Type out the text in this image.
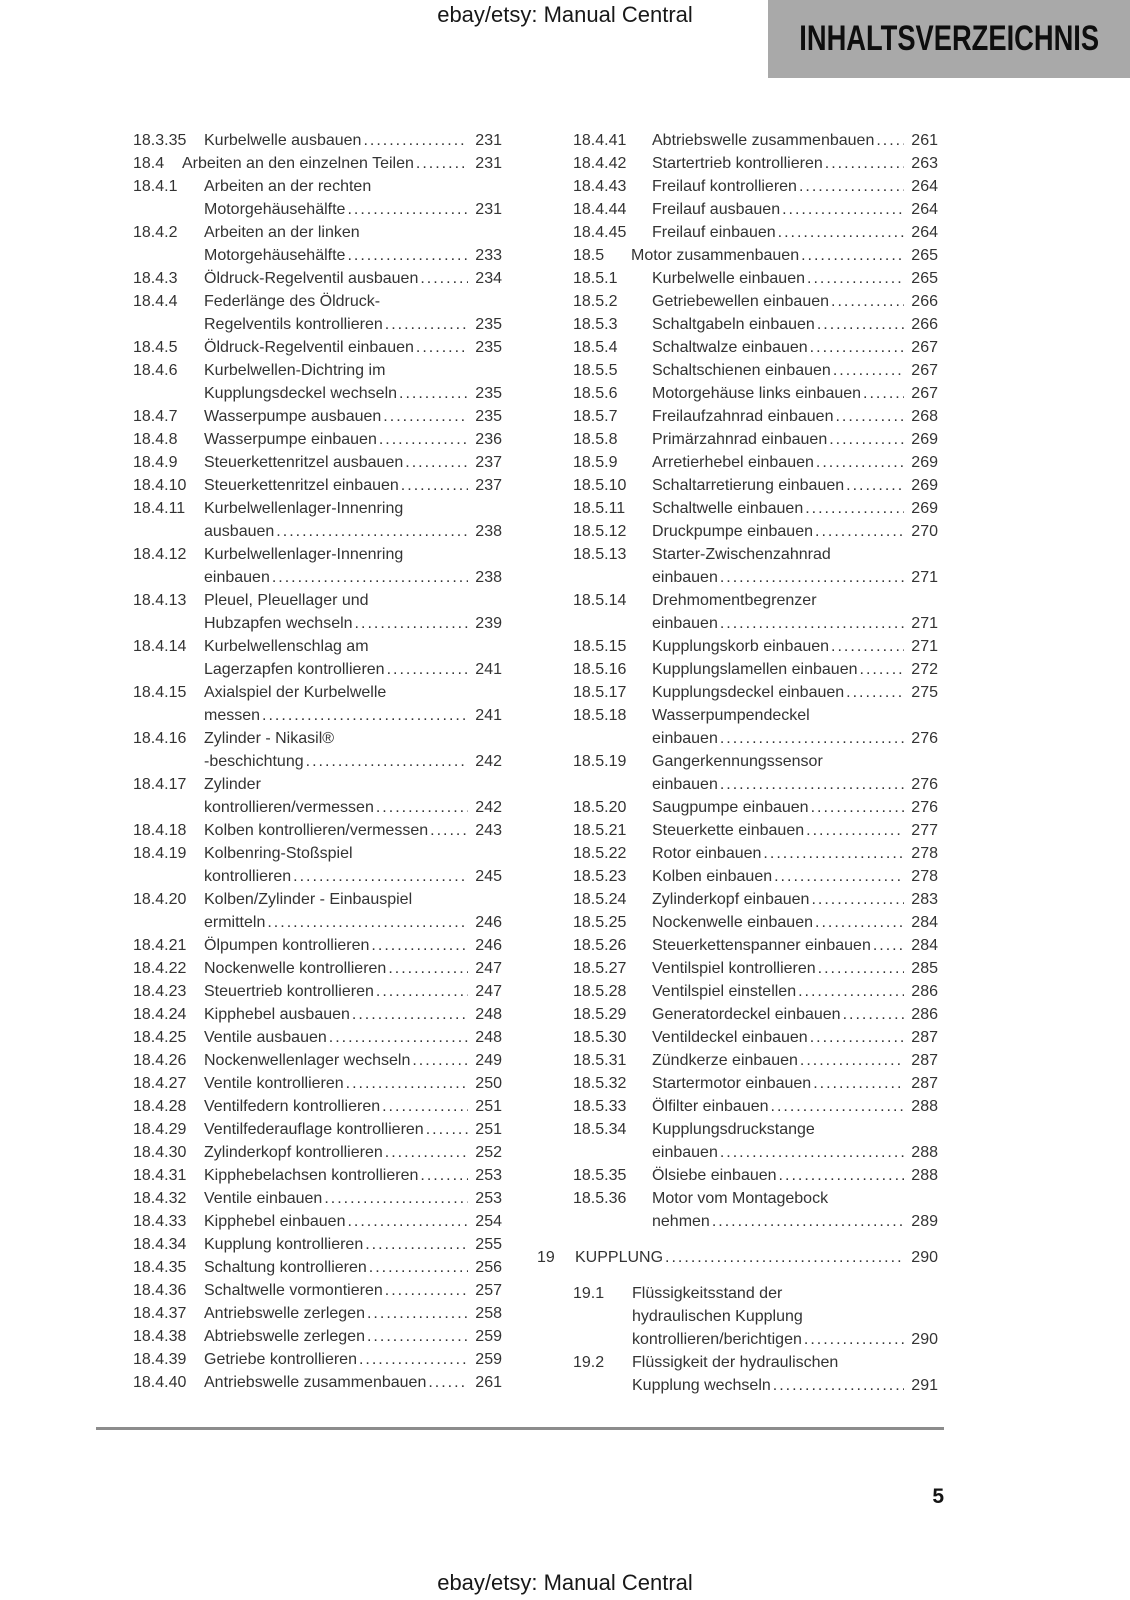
ebay/etsy: Manual Central
INHALTSVERZEICHNIS
18.3.35	Kurbelwelle ausbauen .....	231
18.4	Arbeiten an den einzelnen Teilen .....	231
18.4.1	Arbeiten an der rechten
Motorgehäusehälfte .....	231
18.4.2	Arbeiten an der linken
Motorgehäusehälfte .....	233
18.4.3	Öldruck-Regelventil ausbauen .....	234
18.4.4	Federlänge des Öldruck-
Regelventils kontrollieren .....	235
18.4.5	Öldruck-Regelventil einbauen .....	235
18.4.6	Kurbelwellen-Dichtring im
Kupplungsdeckel wechseln .....	235
18.4.7	Wasserpumpe ausbauen .....	235
18.4.8	Wasserpumpe einbauen .....	236
18.4.9	Steuerkettenritzel ausbauen .....	237
18.4.10	Steuerkettenritzel einbauen .....	237
18.4.11	Kurbelwellenlager-Innenring
ausbauen .....	238
18.4.12	Kurbelwellenlager-Innenring
einbauen .....	238
18.4.13	Pleuel, Pleuellager und
Hubzapfen wechseln .....	239
18.4.14	Kurbelwellenschlag am
Lagerzapfen kontrollieren .....	241
18.4.15	Axialspiel der Kurbelwelle
messen .....	241
18.4.16	Zylinder - Nikasil®
-beschichtung .....	242
18.4.17	Zylinder
kontrollieren/vermessen .....	242
18.4.18	Kolben kontrollieren/vermessen .....	243
18.4.19	Kolbenring-Stoßspiel
kontrollieren .....	245
18.4.20	Kolben/Zylinder - Einbauspiel
ermitteln .....	246
18.4.21	Ölpumpen kontrollieren .....	246
18.4.22	Nockenwelle kontrollieren .....	247
18.4.23	Steuertrieb kontrollieren .....	247
18.4.24	Kipphebel ausbauen .....	248
18.4.25	Ventile ausbauen .....	248
18.4.26	Nockenwellenlager wechseln .....	249
18.4.27	Ventile kontrollieren .....	250
18.4.28	Ventilfedern kontrollieren .....	251
18.4.29	Ventilfederauflage kontrollieren .....	251
18.4.30	Zylinderkopf kontrollieren .....	252
18.4.31	Kipphebelachsen kontrollieren .....	253
18.4.32	Ventile einbauen .....	253
18.4.33	Kipphebel einbauen .....	254
18.4.34	Kupplung kontrollieren .....	255
18.4.35	Schaltung kontrollieren .....	256
18.4.36	Schaltwelle vormontieren .....	257
18.4.37	Antriebswelle zerlegen .....	258
18.4.38	Abtriebswelle zerlegen .....	259
18.4.39	Getriebe kontrollieren .....	259
18.4.40	Antriebswelle zusammenbauen .....	261
18.4.41	Abtriebswelle zusammenbauen .....	261
18.4.42	Startertrieb kontrollieren .....	263
18.4.43	Freilauf kontrollieren .....	264
18.4.44	Freilauf ausbauen .....	264
18.4.45	Freilauf einbauen .....	264
18.5	Motor zusammenbauen .....	265
18.5.1	Kurbelwelle einbauen .....	265
18.5.2	Getriebewellen einbauen .....	266
18.5.3	Schaltgabeln einbauen .....	266
18.5.4	Schaltwalze einbauen .....	267
18.5.5	Schaltschienen einbauen .....	267
18.5.6	Motorgehäuse links einbauen .....	267
18.5.7	Freilaufzahnrad einbauen .....	268
18.5.8	Primärzahnrad einbauen .....	269
18.5.9	Arretierhebel einbauen .....	269
18.5.10	Schaltarretierung einbauen .....	269
18.5.11	Schaltwelle einbauen .....	269
18.5.12	Druckpumpe einbauen .....	270
18.5.13	Starter-Zwischenzahnrad
einbauen .....	271
18.5.14	Drehmomentbegrenzer
einbauen .....	271
18.5.15	Kupplungskorb einbauen .....	271
18.5.16	Kupplungslamellen einbauen .....	272
18.5.17	Kupplungsdeckel einbauen .....	275
18.5.18	Wasserpumpendeckel
einbauen .....	276
18.5.19	Gangerkennungssensor
einbauen .....	276
18.5.20	Saugpumpe einbauen .....	276
18.5.21	Steuerkette einbauen .....	277
18.5.22	Rotor einbauen .....	278
18.5.23	Kolben einbauen .....	278
18.5.24	Zylinderkopf einbauen .....	283
18.5.25	Nockenwelle einbauen .....	284
18.5.26	Steuerkettenspanner einbauen .....	284
18.5.27	Ventilspiel kontrollieren .....	285
18.5.28	Ventilspiel einstellen .....	286
18.5.29	Generatordeckel einbauen .....	286
18.5.30	Ventildeckel einbauen .....	287
18.5.31	Zündkerze einbauen .....	287
18.5.32	Startermotor einbauen .....	287
18.5.33	Ölfilter einbauen .....	288
18.5.34	Kupplungsdruckstange
einbauen .....	288
18.5.35	Ölsiebe einbauen .....	288
18.5.36	Motor vom Montagebock
nehmen .....	289
19	KUPPLUNG .....	290
19.1	Flüssigkeitsstand der
hydraulischen Kupplung
kontrollieren/berichtigen .....	290
19.2	Flüssigkeit der hydraulischen
Kupplung wechseln .....	291
5
ebay/etsy: Manual Central
